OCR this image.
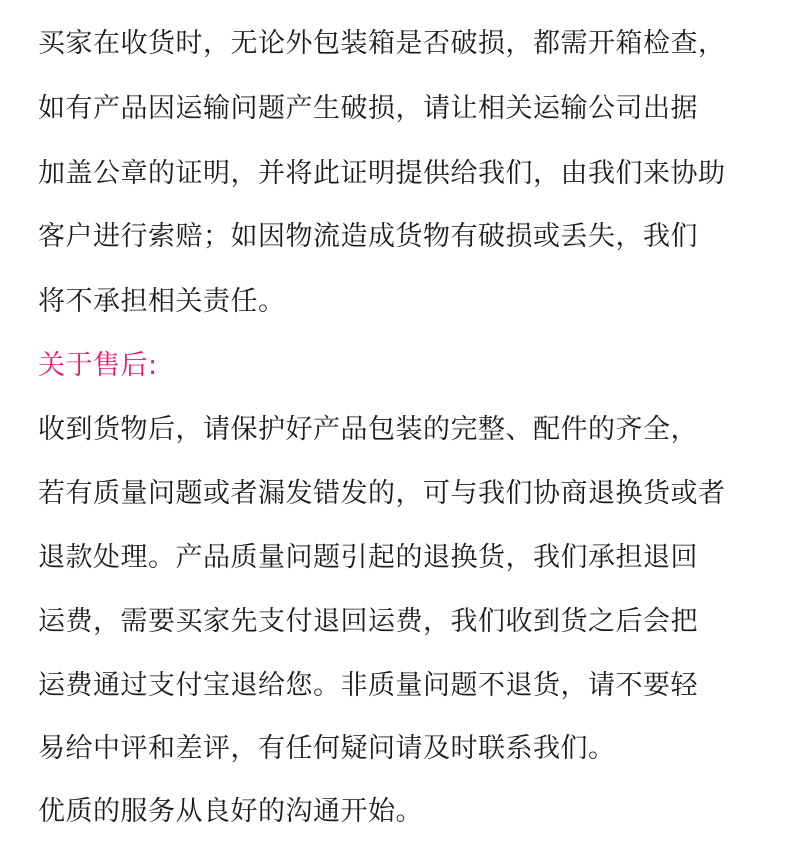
买家在收货时，无论外包装箱是否破损，都需开箱检查，
如有产品因运输问题产生破损，请让相关运输公司出据
加盖公章的证明，并将此证明提供给我们，由我们来协助
客户进行索赔；如因物流造成货物有破损或丢失，我们
将不承担相关责任。
关于售后:
收到货物后，请保护好产品包装的完整、配件的齐全，
若有质量问题或者漏发错发的，可与我们协商退换货或者
退款处理。产品质量问题引起的退换货，我们承担退回
运费，需要买家先支付退回运费，我们收到货之后会把
运费通过支付宝退给您。非质量问题不退货，请不要轻
易给中评和差评，有任何疑问请及时联系我们。
优质的服务从良好的沟通开始。
